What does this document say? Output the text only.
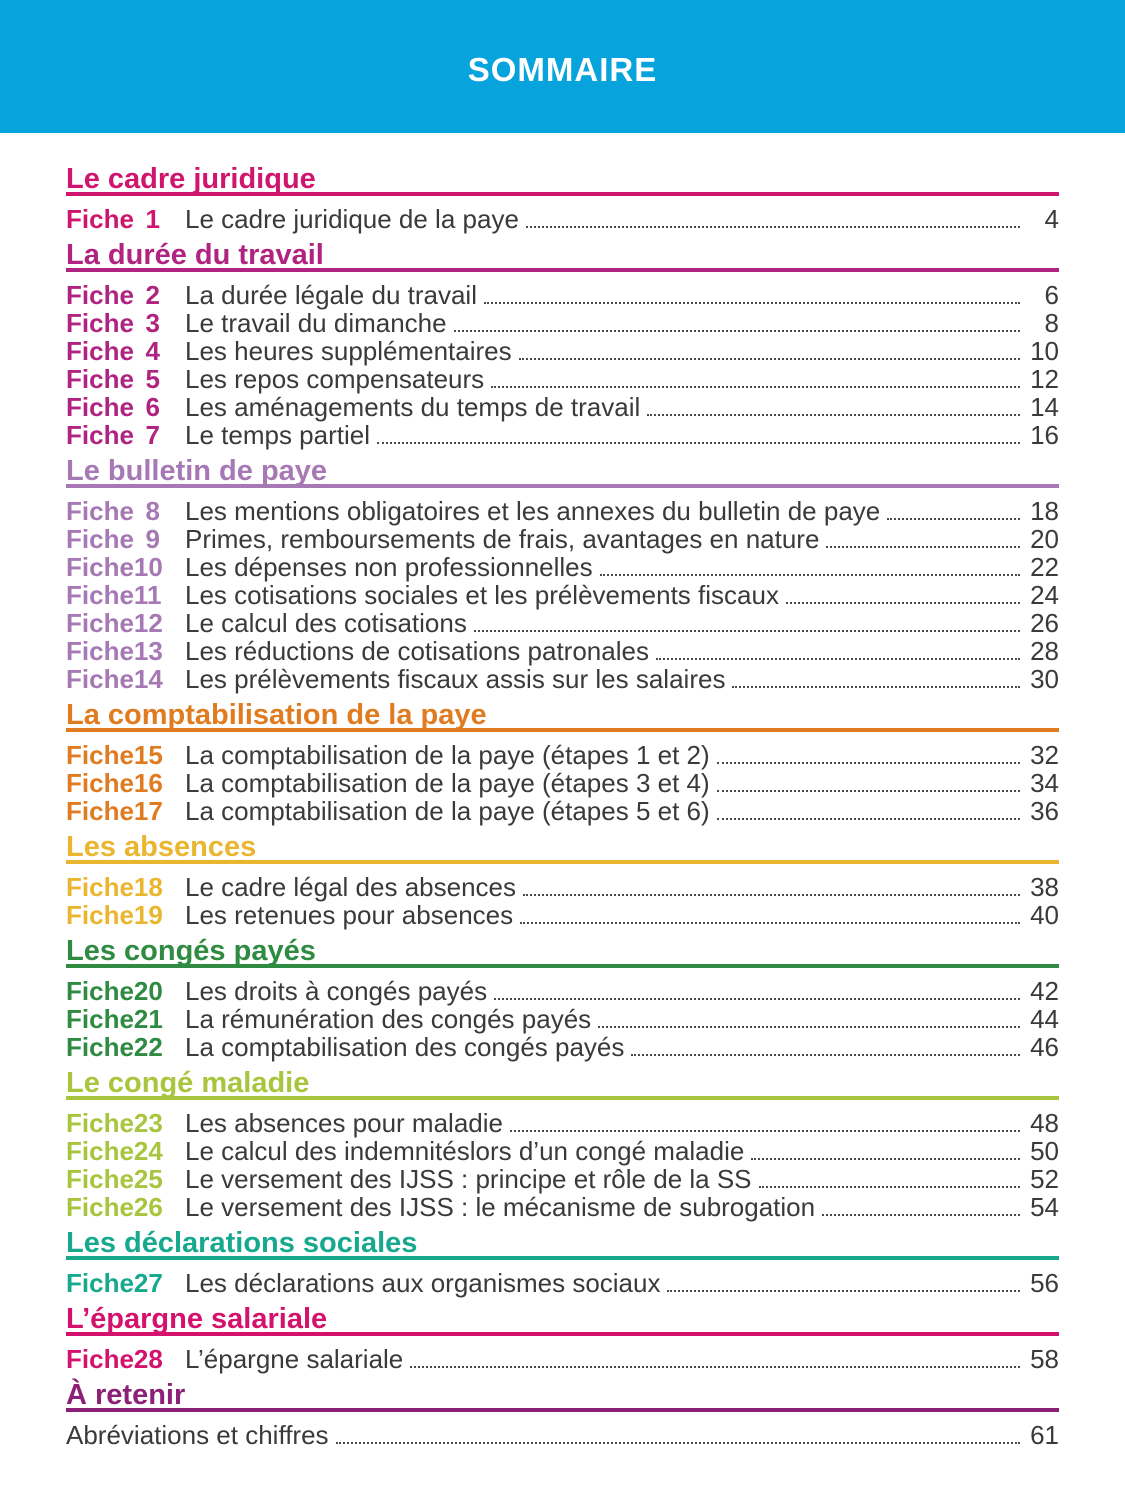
SOMMAIRE
Le cadre juridique
Fiche 1 Le cadre juridique de la paye	4
La durée du travail
Fiche 2 La durée légale du travail	6
Fiche 3 Le travail du dimanche	8
Fiche 4 Les heures supplémentaires	10
Fiche 5 Les repos compensateurs	12
Fiche 6 Les aménagements du temps de travail	14
Fiche 7 Le temps partiel	16
Le bulletin de paye
Fiche 8 Les mentions obligatoires et les annexes du bulletin de paye	18
Fiche 9 Primes, remboursements de frais, avantages en nature	20
Fiche 10 Les dépenses non professionnelles	22
Fiche 11 Les cotisations sociales et les prélèvements fiscaux	24
Fiche 12 Le calcul des cotisations	26
Fiche 13 Les réductions de cotisations patronales	28
Fiche 14 Les prélèvements fiscaux assis sur les salaires	30
La comptabilisation de la paye
Fiche 15 La comptabilisation de la paye (étapes 1 et 2)	32
Fiche 16 La comptabilisation de la paye (étapes 3 et 4)	34
Fiche 17 La comptabilisation de la paye (étapes 5 et 6)	36
Les absences
Fiche 18 Le cadre légal des absences	38
Fiche 19 Les retenues pour absences	40
Les congés payés
Fiche 20 Les droits à congés payés	42
Fiche 21 La rémunération des congés payés	44
Fiche 22 La comptabilisation des congés payés	46
Le congé maladie
Fiche 23 Les absences pour maladie	48
Fiche 24 Le calcul des indemnitéslors d’un congé maladie	50
Fiche 25 Le versement des IJSS : principe et rôle de la SS	52
Fiche 26 Le versement des IJSS : le mécanisme de subrogation	54
Les déclarations sociales
Fiche 27 Les déclarations aux organismes sociaux	56
L’épargne salariale
Fiche 28 L’épargne salariale	58
À retenir
Abréviations et chiffres	61
